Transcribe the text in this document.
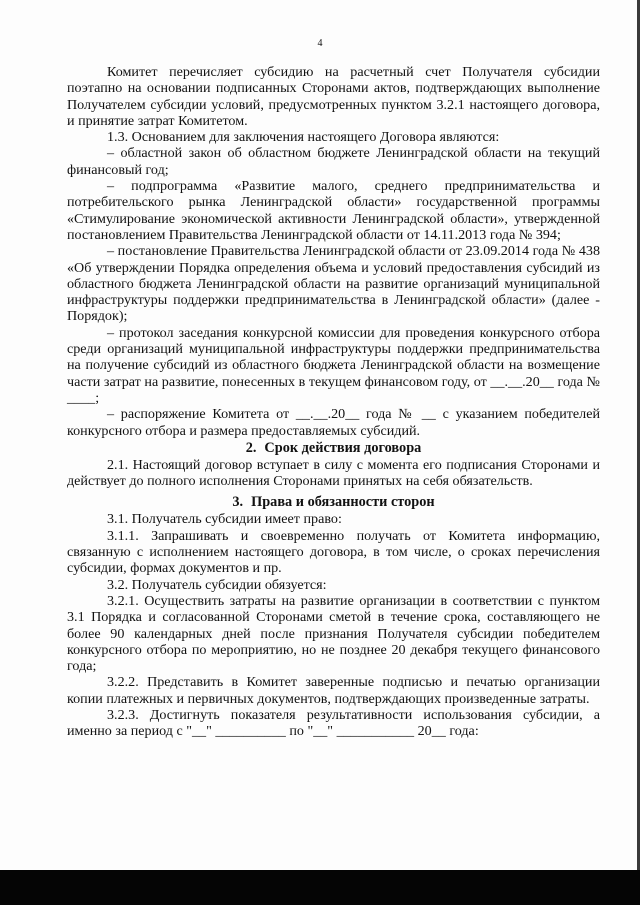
4

Комитет перечисляет субсидию на расчетный счет Получателя субсидии поэтапно на основании подписанных Сторонами актов, подтверждающих выполнение Получателем субсидии условий, предусмотренных пунктом 3.2.1 настоящего договора, и принятие затрат Комитетом.

1.3. Основанием для заключения настоящего Договора являются:

– областной закон об областном бюджете Ленинградской области на текущий финансовый год;

– подпрограмма «Развитие малого, среднего предпринимательства и потребительского рынка Ленинградской области» государственной программы «Стимулирование экономической активности Ленинградской области», утвержденной постановлением Правительства Ленинградской области от 14.11.2013 года № 394;

– постановление Правительства Ленинградской области от 23.09.2014 года № 438 «Об утверждении Порядка определения объема и условий предоставления субсидий из областного бюджета Ленинградской области на развитие организаций муниципальной инфраструктуры поддержки предпринимательства в Ленинградской области» (далее - Порядок);

– протокол заседания конкурсной комиссии для проведения конкурсного отбора среди организаций муниципальной инфраструктуры поддержки предпринимательства на получение субсидий из областного бюджета Ленинградской области на возмещение части затрат на развитие, понесенных в текущем финансовом году, от __.__.20__ года № ____;

– распоряжение Комитета от __.__.20__ года № __ с указанием победителей конкурсного отбора и размера предоставляемых субсидий.

2. Срок действия договора

2.1. Настоящий договор вступает в силу с момента его подписания Сторонами и действует до полного исполнения Сторонами принятых на себя обязательств.

3. Права и обязанности сторон

3.1. Получатель субсидии имеет право:

3.1.1. Запрашивать и своевременно получать от Комитета информацию, связанную с исполнением настоящего договора, в том числе, о сроках перечисления субсидии, формах документов и пр.

3.2. Получатель субсидии обязуется:

3.2.1. Осуществить затраты на развитие организации в соответствии с пунктом 3.1 Порядка и согласованной Сторонами сметой в течение срока, составляющего не более 90 календарных дней после признания Получателя субсидии победителем конкурсного отбора по мероприятию, но не позднее 20 декабря текущего финансового года;

3.2.2. Представить в Комитет заверенные подписью и печатью организации копии платежных и первичных документов, подтверждающих произведенные затраты.

3.2.3. Достигнуть показателя результативности использования субсидии, а именно за период с "__" __________ по "__" ___________ 20__ года:
